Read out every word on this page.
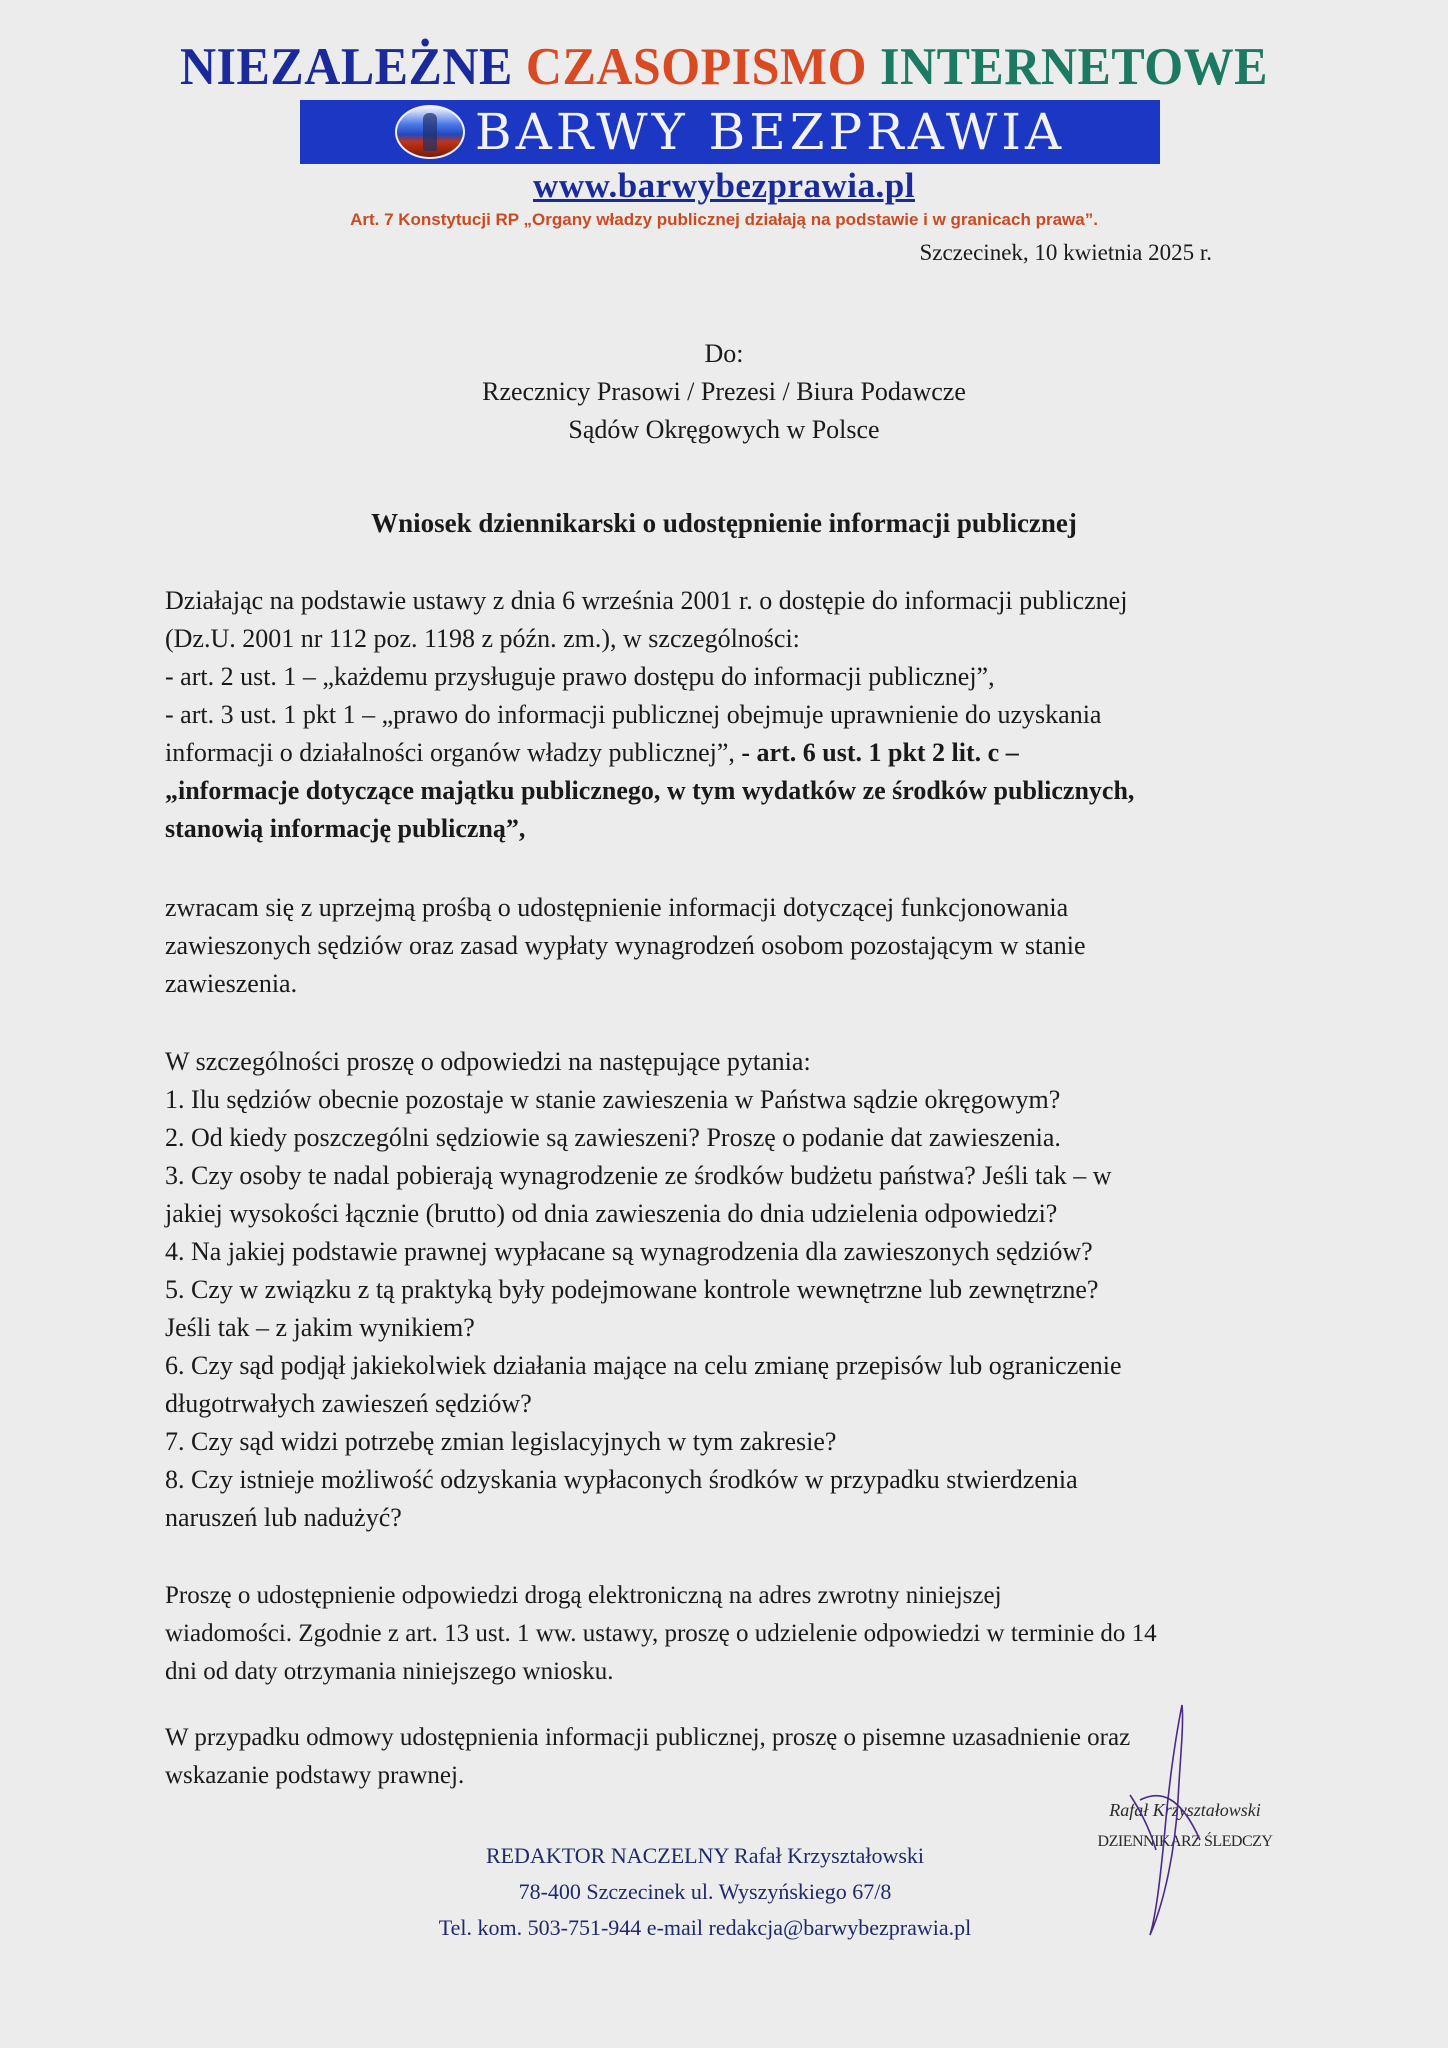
NIEZALEŻNE CZASOPISMO INTERNETOWE
BARWY BEZPRAWIA
www.barwybezprawia.pl
Art. 7 Konstytucji RP „Organy władzy publicznej działają na podstawie i w granicach prawa”.
Szczecinek, 10 kwietnia 2025 r.
Do:
Rzecznicy Prasowi / Prezesi / Biura Podawcze
Sądów Okręgowych w Polsce
Wniosek dziennikarski o udostępnienie informacji publicznej

Działając na podstawie ustawy z dnia 6 września 2001 r. o dostępie do informacji publicznej

(Dz.U. 2001 nr 112 poz. 1198 z późn. zm.), w szczególności:

- art. 2 ust. 1 – „każdemu przysługuje prawo dostępu do informacji publicznej”,

- art. 3 ust. 1 pkt 1 – „prawo do informacji publicznej obejmuje uprawnienie do uzyskania

informacji o działalności organów władzy publicznej”, - art. 6 ust. 1 pkt 2 lit. c –

„informacje dotyczące majątku publicznego, w tym wydatków ze środków publicznych,

stanowią informację publiczną”,

zwracam się z uprzejmą prośbą o udostępnienie informacji dotyczącej funkcjonowania

zawieszonych sędziów oraz zasad wypłaty wynagrodzeń osobom pozostającym w stanie

zawieszenia.

W szczególności proszę o odpowiedzi na następujące pytania:

1. Ilu sędziów obecnie pozostaje w stanie zawieszenia w Państwa sądzie okręgowym?

2. Od kiedy poszczególni sędziowie są zawieszeni? Proszę o podanie dat zawieszenia.

3. Czy osoby te nadal pobierają wynagrodzenie ze środków budżetu państwa? Jeśli tak – w

jakiej wysokości łącznie (brutto) od dnia zawieszenia do dnia udzielenia odpowiedzi?

4. Na jakiej podstawie prawnej wypłacane są wynagrodzenia dla zawieszonych sędziów?

5. Czy w związku z tą praktyką były podejmowane kontrole wewnętrzne lub zewnętrzne?

Jeśli tak – z jakim wynikiem?

6. Czy sąd podjął jakiekolwiek działania mające na celu zmianę przepisów lub ograniczenie

długotrwałych zawieszeń sędziów?

7. Czy sąd widzi potrzebę zmian legislacyjnych w tym zakresie?

8. Czy istnieje możliwość odzyskania wypłaconych środków w przypadku stwierdzenia

naruszeń lub nadużyć?

Proszę o udostępnienie odpowiedzi drogą elektroniczną na adres zwrotny niniejszej

wiadomości. Zgodnie z art. 13 ust. 1 ww. ustawy, proszę o udzielenie odpowiedzi w terminie do 14

dni od daty otrzymania niniejszego wniosku.

W przypadku odmowy udostępnienia informacji publicznej, proszę o pisemne uzasadnienie oraz

wskazanie podstawy prawnej.

REDAKTOR NACZELNY Rafał Krzyształowski
78-400 Szczecinek ul. Wyszyńskiego 67/8
Tel. kom. 503-751-944 e-mail redakcja@barwybezprawia.pl
Rafał Krzyształowski
DZIENNIKARZ ŚLEDCZY
